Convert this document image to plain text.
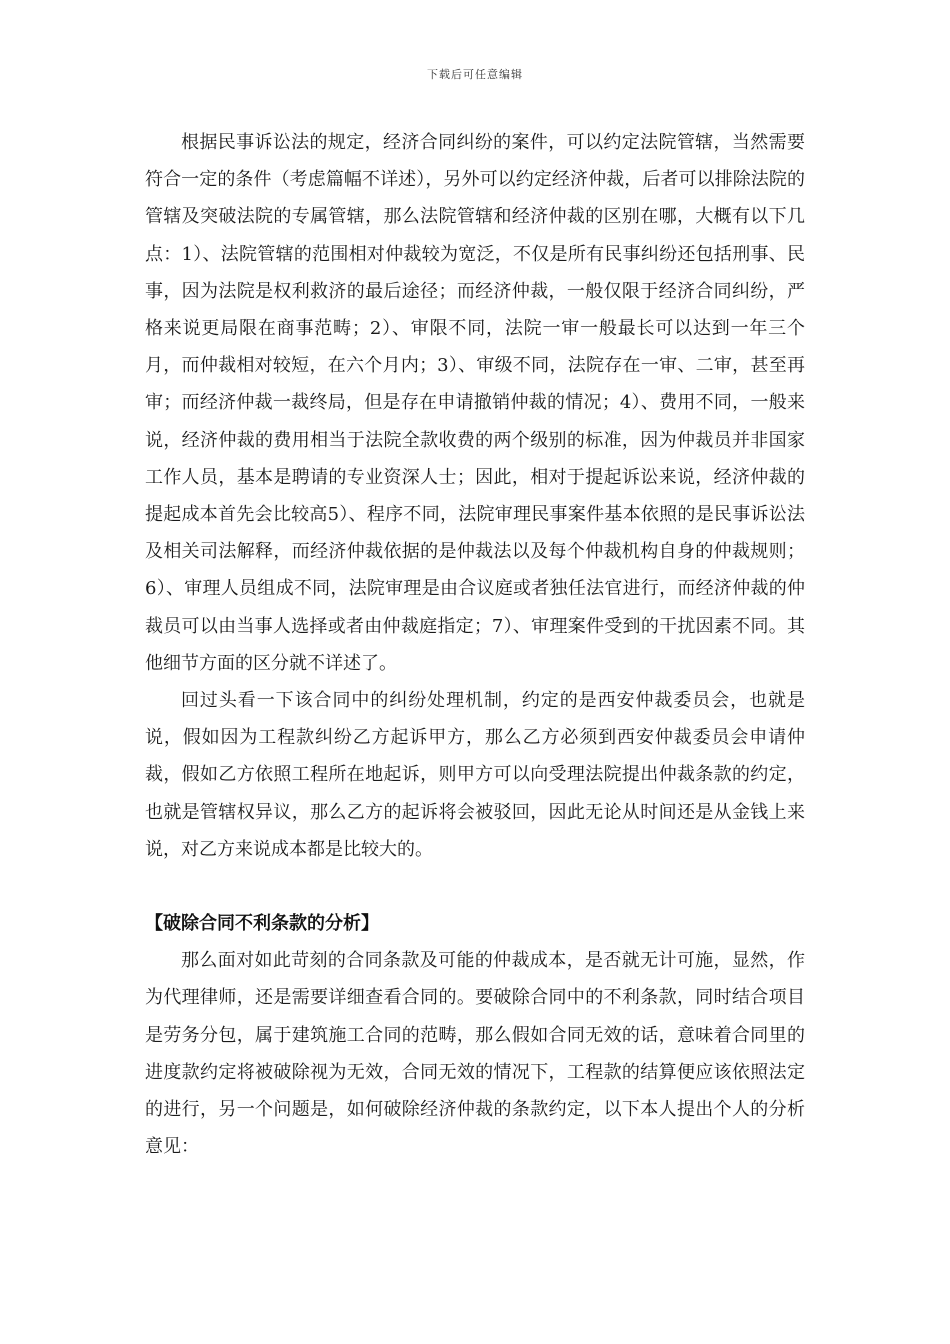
下载后可任意编辑

根据民事诉讼法的规定，经济合同纠纷的案件，可以约定法院管辖，当然需要符合一定的条件（考虑篇幅不详述），另外可以约定经济仲裁，后者可以排除法院的管辖及突破法院的专属管辖，那么法院管辖和经济仲裁的区别在哪，大概有以下几点：1）、法院管辖的范围相对仲裁较为宽泛，不仅是所有民事纠纷还包括刑事、民事，因为法院是权利救济的最后途径；而经济仲裁，一般仅限于经济合同纠纷，严格来说更局限在商事范畴；2）、审限不同，法院一审一般最长可以达到一年三个月，而仲裁相对较短，在六个月内；3）、审级不同，法院存在一审、二审，甚至再审；而经济仲裁一裁终局，但是存在申请撤销仲裁的情况；4）、费用不同，一般来说，经济仲裁的费用相当于法院全款收费的两个级别的标准，因为仲裁员并非国家工作人员，基本是聘请的专业资深人士；因此，相对于提起诉讼来说，经济仲裁的提起成本首先会比较高5）、程序不同，法院审理民事案件基本依照的是民事诉讼法及相关司法解释，而经济仲裁依据的是仲裁法以及每个仲裁机构自身的仲裁规则；6）、审理人员组成不同，法院审理是由合议庭或者独任法官进行，而经济仲裁的仲裁员可以由当事人选择或者由仲裁庭指定；7）、审理案件受到的干扰因素不同。其他细节方面的区分就不详述了。

回过头看一下该合同中的纠纷处理机制，约定的是西安仲裁委员会，也就是说，假如因为工程款纠纷乙方起诉甲方，那么乙方必须到西安仲裁委员会申请仲裁，假如乙方依照工程所在地起诉，则甲方可以向受理法院提出仲裁条款的约定，也就是管辖权异议，那么乙方的起诉将会被驳回，因此无论从时间还是从金钱上来说，对乙方来说成本都是比较大的。

【破除合同不利条款的分析】

那么面对如此苛刻的合同条款及可能的仲裁成本，是否就无计可施，显然，作为代理律师，还是需要详细查看合同的。要破除合同中的不利条款，同时结合项目是劳务分包，属于建筑施工合同的范畴，那么假如合同无效的话，意味着合同里的进度款约定将被破除视为无效，合同无效的情况下，工程款的结算便应该依照法定的进行，另一个问题是，如何破除经济仲裁的条款约定，以下本人提出个人的分析意见：
